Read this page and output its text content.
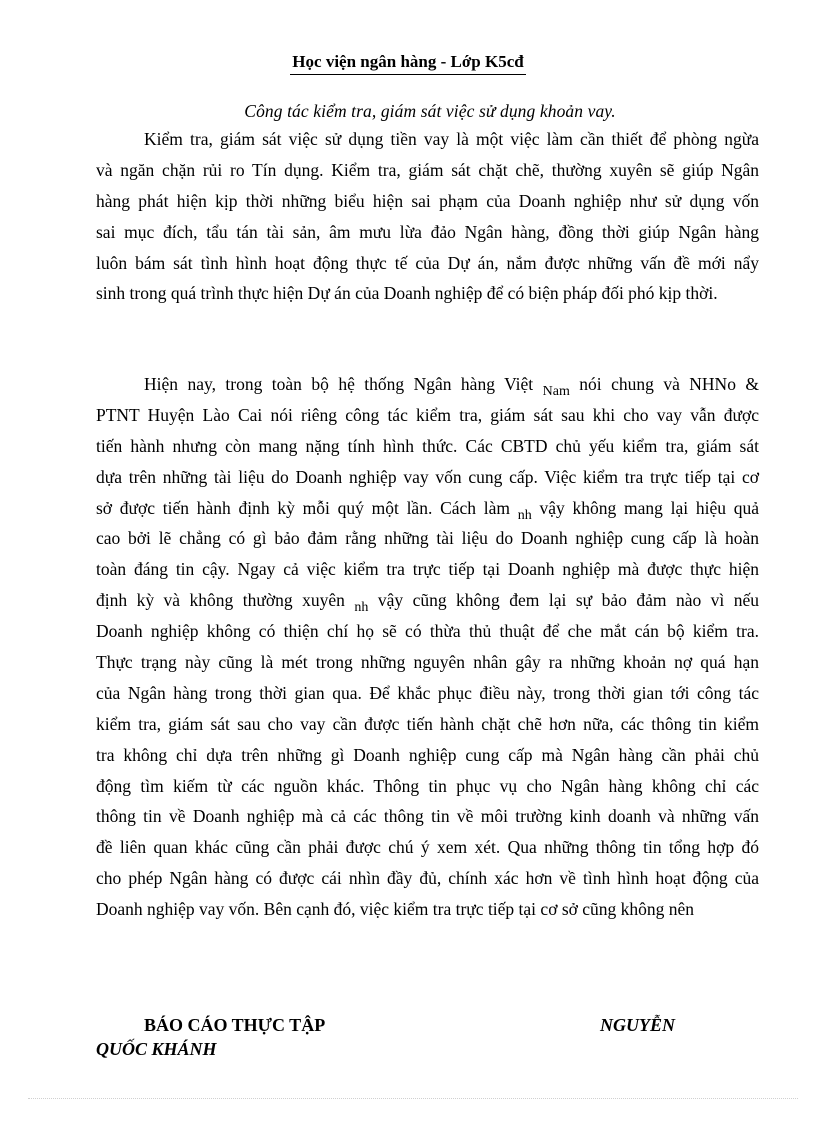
Học viện ngân hàng - Lớp K5cđ
Công tác kiểm tra, giám sát việc sử dụng khoản vay.
Kiểm tra, giám sát việc sử dụng tiền vay là một việc làm cần thiết để phòng ngừa
và ngăn chặn rủi ro Tín dụng. Kiểm tra, giám sát chặt chẽ, thường xuyên sẽ giúp Ngân
hàng phát hiện kịp thời những biểu hiện sai phạm của Doanh nghiệp như sử dụng vốn
sai mục đích, tẩu tán tài sản, âm mưu lừa đảo Ngân hàng, đồng thời giúp Ngân hàng
luôn bám sát tình hình hoạt động thực tế của Dự án, nắm được những vấn đề mới nẩy
sinh trong quá trình thực hiện Dự án của Doanh nghiệp để có biện pháp đối phó kịp thời.
Hiện nay, trong toàn bộ hệ thống Ngân hàng Việt $_{Nam}$ nói chung và NHNo &
PTNT Huyện Lào Cai nói riêng công tác kiểm tra, giám sát sau khi cho vay vẫn được
tiến hành nhưng còn mang nặng tính hình thức. Các CBTD chủ yếu kiểm tra, giám sát
dựa trên những tài liệu do Doanh nghiệp vay vốn cung cấp. Việc kiểm tra trực tiếp tại cơ
sở được tiến hành định kỳ mỗi quý một lần. Cách làm $_{nh}$ vậy không mang lại hiệu quả
cao bởi lẽ chẳng có gì bảo đảm rằng những tài liệu do Doanh nghiệp cung cấp là hoàn
toàn đáng tin cậy. Ngay cả việc kiểm tra trực tiếp tại Doanh nghiệp mà được thực hiện
định kỳ và không thường xuyên $_{nh}$ vậy cũng không đem lại sự bảo đảm nào vì nếu
Doanh nghiệp không có thiện chí họ sẽ có thừa thủ thuật để che mắt cán bộ kiểm tra.
Thực trạng này cũng là mét trong những nguyên nhân gây ra những khoản nợ quá hạn
của Ngân hàng trong thời gian qua. Để khắc phục điều này, trong thời gian tới công tác
kiểm tra, giám sát sau cho vay cần được tiến hành chặt chẽ hơn nữa, các thông tin kiểm
tra không chỉ dựa trên những gì Doanh nghiệp cung cấp mà Ngân hàng cần phải chủ
động tìm kiếm từ các nguồn khác. Thông tin phục vụ cho Ngân hàng không chỉ các
thông tin về Doanh nghiệp mà cả các thông tin về môi trường kinh doanh và những vấn
đề liên quan khác cũng cần phải được chú ý xem xét. Qua những thông tin tổng hợp đó
cho phép Ngân hàng có được cái nhìn đầy đủ, chính xác hơn về tình hình hoạt động của
Doanh nghiệp vay vốn. Bên cạnh đó, việc kiểm tra trực tiếp tại cơ sở cũng không nên
BÁO CÁO THỰC TẬP	NGUYỄN
QUỐC KHÁNH
